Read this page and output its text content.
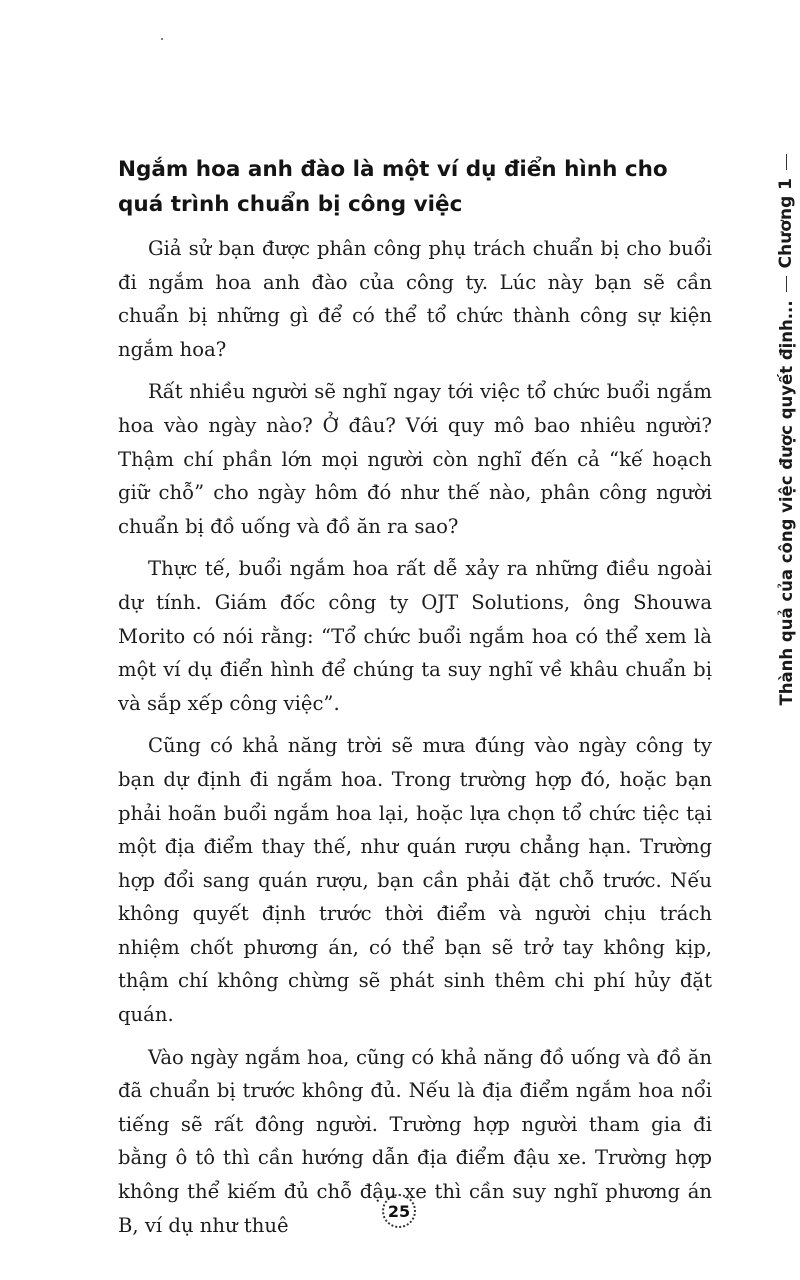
Ngắm hoa anh đào là một ví dụ điển hình cho quá trình chuẩn bị công việc

Giả sử bạn được phân công phụ trách chuẩn bị cho buổi đi ngắm hoa anh đào của công ty. Lúc này bạn sẽ cần chuẩn bị những gì để có thể tổ chức thành công sự kiện ngắm hoa?

Rất nhiều người sẽ nghĩ ngay tới việc tổ chức buổi ngắm hoa vào ngày nào? Ở đâu? Với quy mô bao nhiêu người? Thậm chí phần lớn mọi người còn nghĩ đến cả “kế hoạch giữ chỗ” cho ngày hôm đó như thế nào, phân công người chuẩn bị đồ uống và đồ ăn ra sao?

Thực tế, buổi ngắm hoa rất dễ xảy ra những điều ngoài dự tính. Giám đốc công ty OJT Solutions, ông Shouwa Morito có nói rằng: “Tổ chức buổi ngắm hoa có thể xem là một ví dụ điển hình để chúng ta suy nghĩ về khâu chuẩn bị và sắp xếp công việc”.

Cũng có khả năng trời sẽ mưa đúng vào ngày công ty bạn dự định đi ngắm hoa. Trong trường hợp đó, hoặc bạn phải hoãn buổi ngắm hoa lại, hoặc lựa chọn tổ chức tiệc tại một địa điểm thay thế, như quán rượu chẳng hạn. Trường hợp đổi sang quán rượu, bạn cần phải đặt chỗ trước. Nếu không quyết định trước thời điểm và người chịu trách nhiệm chốt phương án, có thể bạn sẽ trở tay không kịp, thậm chí không chừng sẽ phát sinh thêm chi phí hủy đặt quán.

Vào ngày ngắm hoa, cũng có khả năng đồ uống và đồ ăn đã chuẩn bị trước không đủ. Nếu là địa điểm ngắm hoa nổi tiếng sẽ rất đông người. Trường hợp người tham gia đi bằng ô tô thì cần hướng dẫn địa điểm đậu xe. Trường hợp không thể kiếm đủ chỗ đậu xe thì cần suy nghĩ phương án B, ví dụ như thuê

Thành quả của công việc được quyết định...
Chương 1
25
